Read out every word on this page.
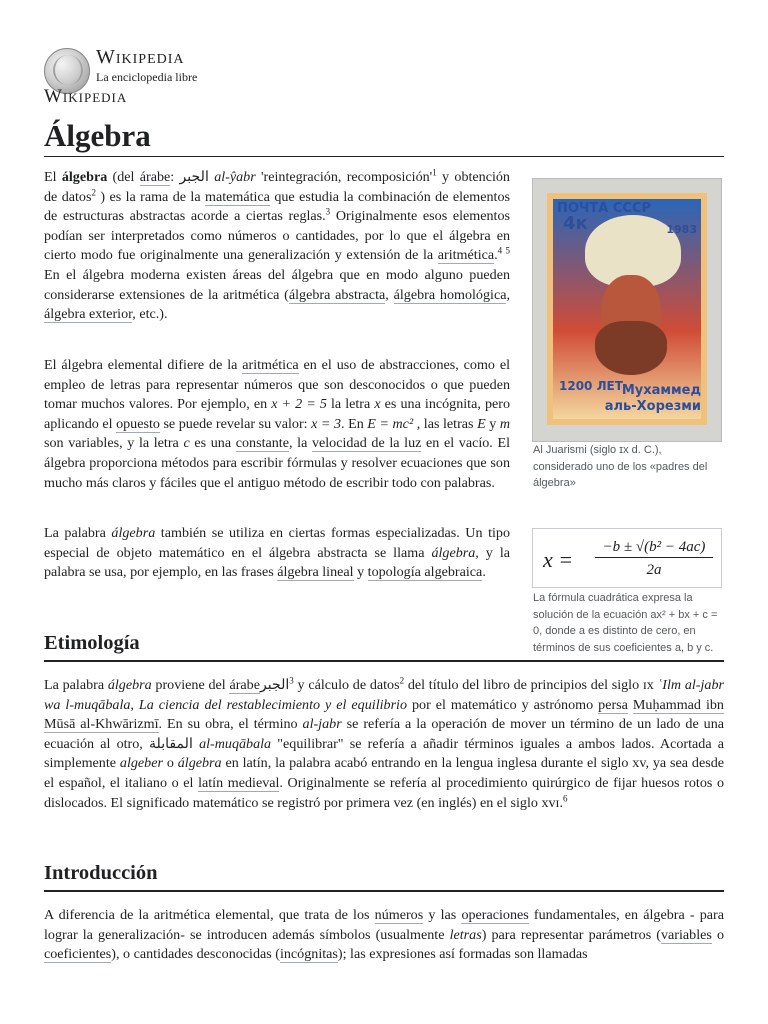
Wikipedia
La enciclopedia libre
Wikipedia
Álgebra

El álgebra (del árabe: الجبر al-ŷabr 'reintegración, $recomposición'^1$ y obtención de datos$^2$ ) es la rama de la matemática que estudia la combinación de elementos de estructuras abstractas acorde a ciertas reglas.$^3$ Originalmente esos elementos podían ser interpretados como números o cantidades, por lo que el álgebra en cierto modo fue originalmente una generalización y extensión de la aritmética.$^{4 5}$ En el álgebra moderna existen áreas del álgebra que en modo alguno pueden considerarse extensiones de la aritmética (álgebra abstracta, álgebra homológica, álgebra exterior, etc.).

El álgebra elemental difiere de la aritmética en el uso de abstracciones, como el empleo de letras para representar números que son desconocidos o que pueden tomar muchos valores. Por ejemplo, en x + 2 = 5 la letra x es una incógnita, pero aplicando el opuesto se puede revelar su valor: x = 3. En E = mc² , las letras E y m son variables, y la letra c es una constante, la velocidad de la luz en el vacío. El álgebra proporciona métodos para escribir fórmulas y resolver ecuaciones que son mucho más claros y fáciles que el antiguo método de escribir todo con palabras.

La palabra álgebra también se utiliza en ciertas formas especializadas. Un tipo especial de objeto matemático en el álgebra abstracta se llama álgebra, y la palabra se usa, por ejemplo, en las frases álgebra lineal y topología algebraica.

ПОЧТА СССР
4к	1983
1200 ЛЕТ
Мухаммед
аль-Хорезми
Al Juarismi (siglo ɪx d. C.), considerado uno de los «padres del álgebra»
x =	−b ± √(b² − 4ac)
2a
La fórmula cuadrática expresa la solución de la ecuación ax² + bx + c = 0, donde a es distinto de cero, en términos de sus coeficientes a, b y c.
Etimología

La palabra álgebra proviene del árabeالجبر$^3$ y cálculo de datos$^2$ del título del libro de principios del siglo ɪx ʿIlm al-jabr wa l-muqābala, La ciencia del restablecimiento y el equilibrio por el matemático y astrónomo persa Muḥammad ibn Mūsā al-Khwārizmī. En su obra, el término al-jabr se refería a la operación de mover un término de un lado de una ecuación al otro, المقابلة al-muqābala "equilibrar" se refería a añadir términos iguales a ambos lados. Acortada a simplemente algeber o álgebra en latín, la palabra acabó entrando en la lengua inglesa durante el siglo xv, ya sea desde el español, el italiano o el latín medieval. Originalmente se refería al procedimiento quirúrgico de fijar huesos rotos o dislocados. El significado matemático se registró por primera vez (en inglés) en el siglo xvɪ.$^6$

Introducción

A diferencia de la aritmética elemental, que trata de los números y las operaciones fundamentales, en álgebra - para lograr la generalización- se introducen además símbolos (usualmente letras) para representar parámetros (variables o coeficientes), o cantidades desconocidas (incógnitas); las expresiones así formadas son llamadas
